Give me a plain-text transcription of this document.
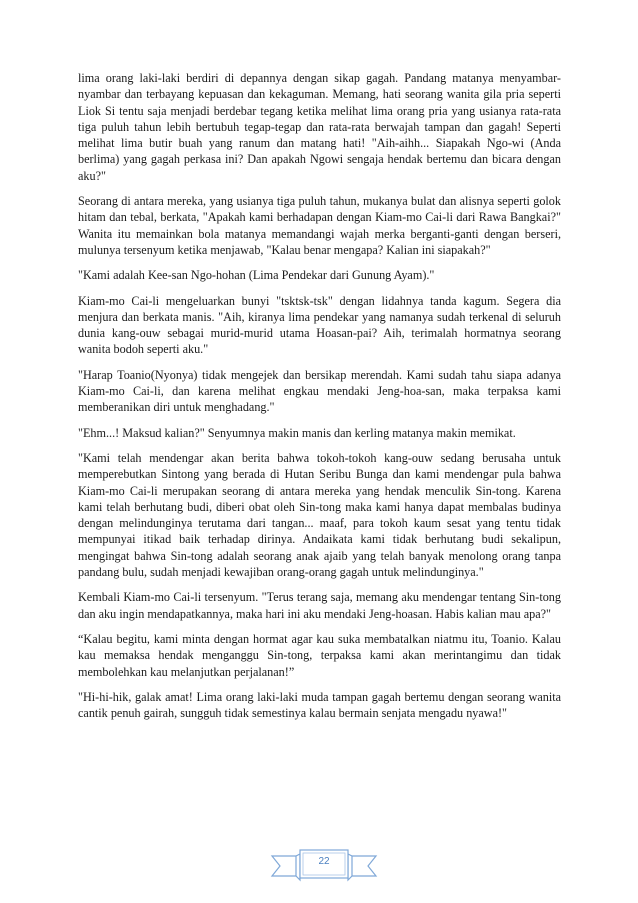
lima orang laki-laki berdiri di depannya dengan sikap gagah. Pandang matanya menyambar-nyambar dan terbayang kepuasan dan kekaguman. Memang, hati seorang wanita gila pria seperti Liok Si tentu saja menjadi berdebar tegang ketika melihat lima orang pria yang usianya rata-rata tiga puluh tahun lebih bertubuh tegap-tegap dan rata-rata berwajah tampan dan gagah! Seperti melihat lima butir buah yang ranum dan matang hati! "Aih-aihh... Siapakah Ngo-wi (Anda berlima) yang gagah perkasa ini? Dan apakah Ngowi sengaja hendak bertemu dan bicara dengan aku?"

Seorang di antara mereka, yang usianya tiga puluh tahun, mukanya bulat dan alisnya seperti golok hitam dan tebal, berkata, "Apakah kami berhadapan dengan Kiam-mo Cai-li dari Rawa Bangkai?" Wanita itu memainkan bola matanya memandangi wajah merka berganti-ganti dengan berseri, mulunya tersenyum ketika menjawab, "Kalau benar mengapa? Kalian ini siapakah?"

"Kami adalah Kee-san Ngo-hohan (Lima Pendekar dari Gunung Ayam)."

Kiam-mo Cai-li mengeluarkan bunyi "tsktsk-tsk" dengan lidahnya tanda kagum. Segera dia menjura dan berkata manis. "Aih, kiranya lima pendekar yang namanya sudah terkenal di seluruh dunia kang-ouw sebagai murid-murid utama Hoasan-pai? Aih, terimalah hormatnya seorang wanita bodoh seperti aku."

"Harap Toanio(Nyonya) tidak mengejek dan bersikap merendah. Kami sudah tahu siapa adanya Kiam-mo Cai-li, dan karena melihat engkau mendaki Jeng-hoa-san, maka terpaksa kami memberanikan diri untuk menghadang."

"Ehm...! Maksud kalian?" Senyumnya makin manis dan kerling matanya makin memikat.

"Kami telah mendengar akan berita bahwa tokoh-tokoh kang-ouw sedang berusaha untuk memperebutkan Sintong yang berada di Hutan Seribu Bunga dan kami mendengar pula bahwa Kiam-mo Cai-li merupakan seorang di antara mereka yang hendak menculik Sin-tong. Karena kami telah berhutang budi, diberi obat oleh Sin-tong maka kami hanya dapat membalas budinya dengan melindunginya terutama dari tangan... maaf, para tokoh kaum sesat yang tentu tidak mempunyai itikad baik terhadap dirinya. Andaikata kami tidak berhutang budi sekalipun, mengingat bahwa Sin-tong adalah seorang anak ajaib yang telah banyak menolong orang tanpa pandang bulu, sudah menjadi kewajiban orang-orang gagah untuk melindunginya."

Kembali Kiam-mo Cai-li tersenyum. "Terus terang saja, memang aku mendengar tentang Sin-tong dan aku ingin mendapatkannya, maka hari ini aku mendaki Jeng-hoasan. Habis kalian mau apa?"

“Kalau begitu, kami minta dengan hormat agar kau suka membatalkan niatmu itu, Toanio. Kalau kau memaksa hendak menganggu Sin-tong, terpaksa kami akan merintangimu dan tidak membolehkan kau melanjutkan perjalanan!”

"Hi-hi-hik, galak amat! Lima orang laki-laki muda tampan gagah bertemu dengan seorang wanita cantik penuh gairah, sungguh tidak semestinya kalau bermain senjata mengadu nyawa!"

22
